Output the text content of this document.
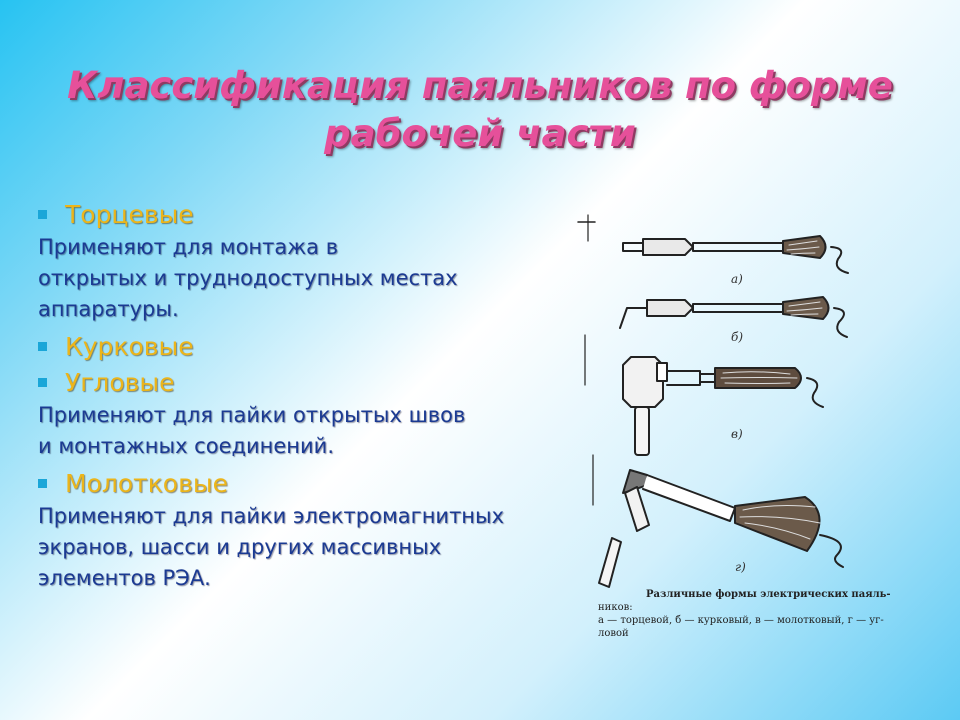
Классификация паяльников по форме рабочей части
Торцевые
Применяют для монтажа в
открытых и труднодоступных местах
аппаратуры.
Курковые
Угловые
Применяют для пайки открытых швов
и монтажных соединений.
Молотковые
Применяют для пайки электромагнитных
экранов, шасси и других массивных
элементов РЭА.
а)
б)
в)
г)
Различные формы электрических паяль-
ников:
а — торцевой, б — курковый, в — молотковый, г — уг-
ловой
